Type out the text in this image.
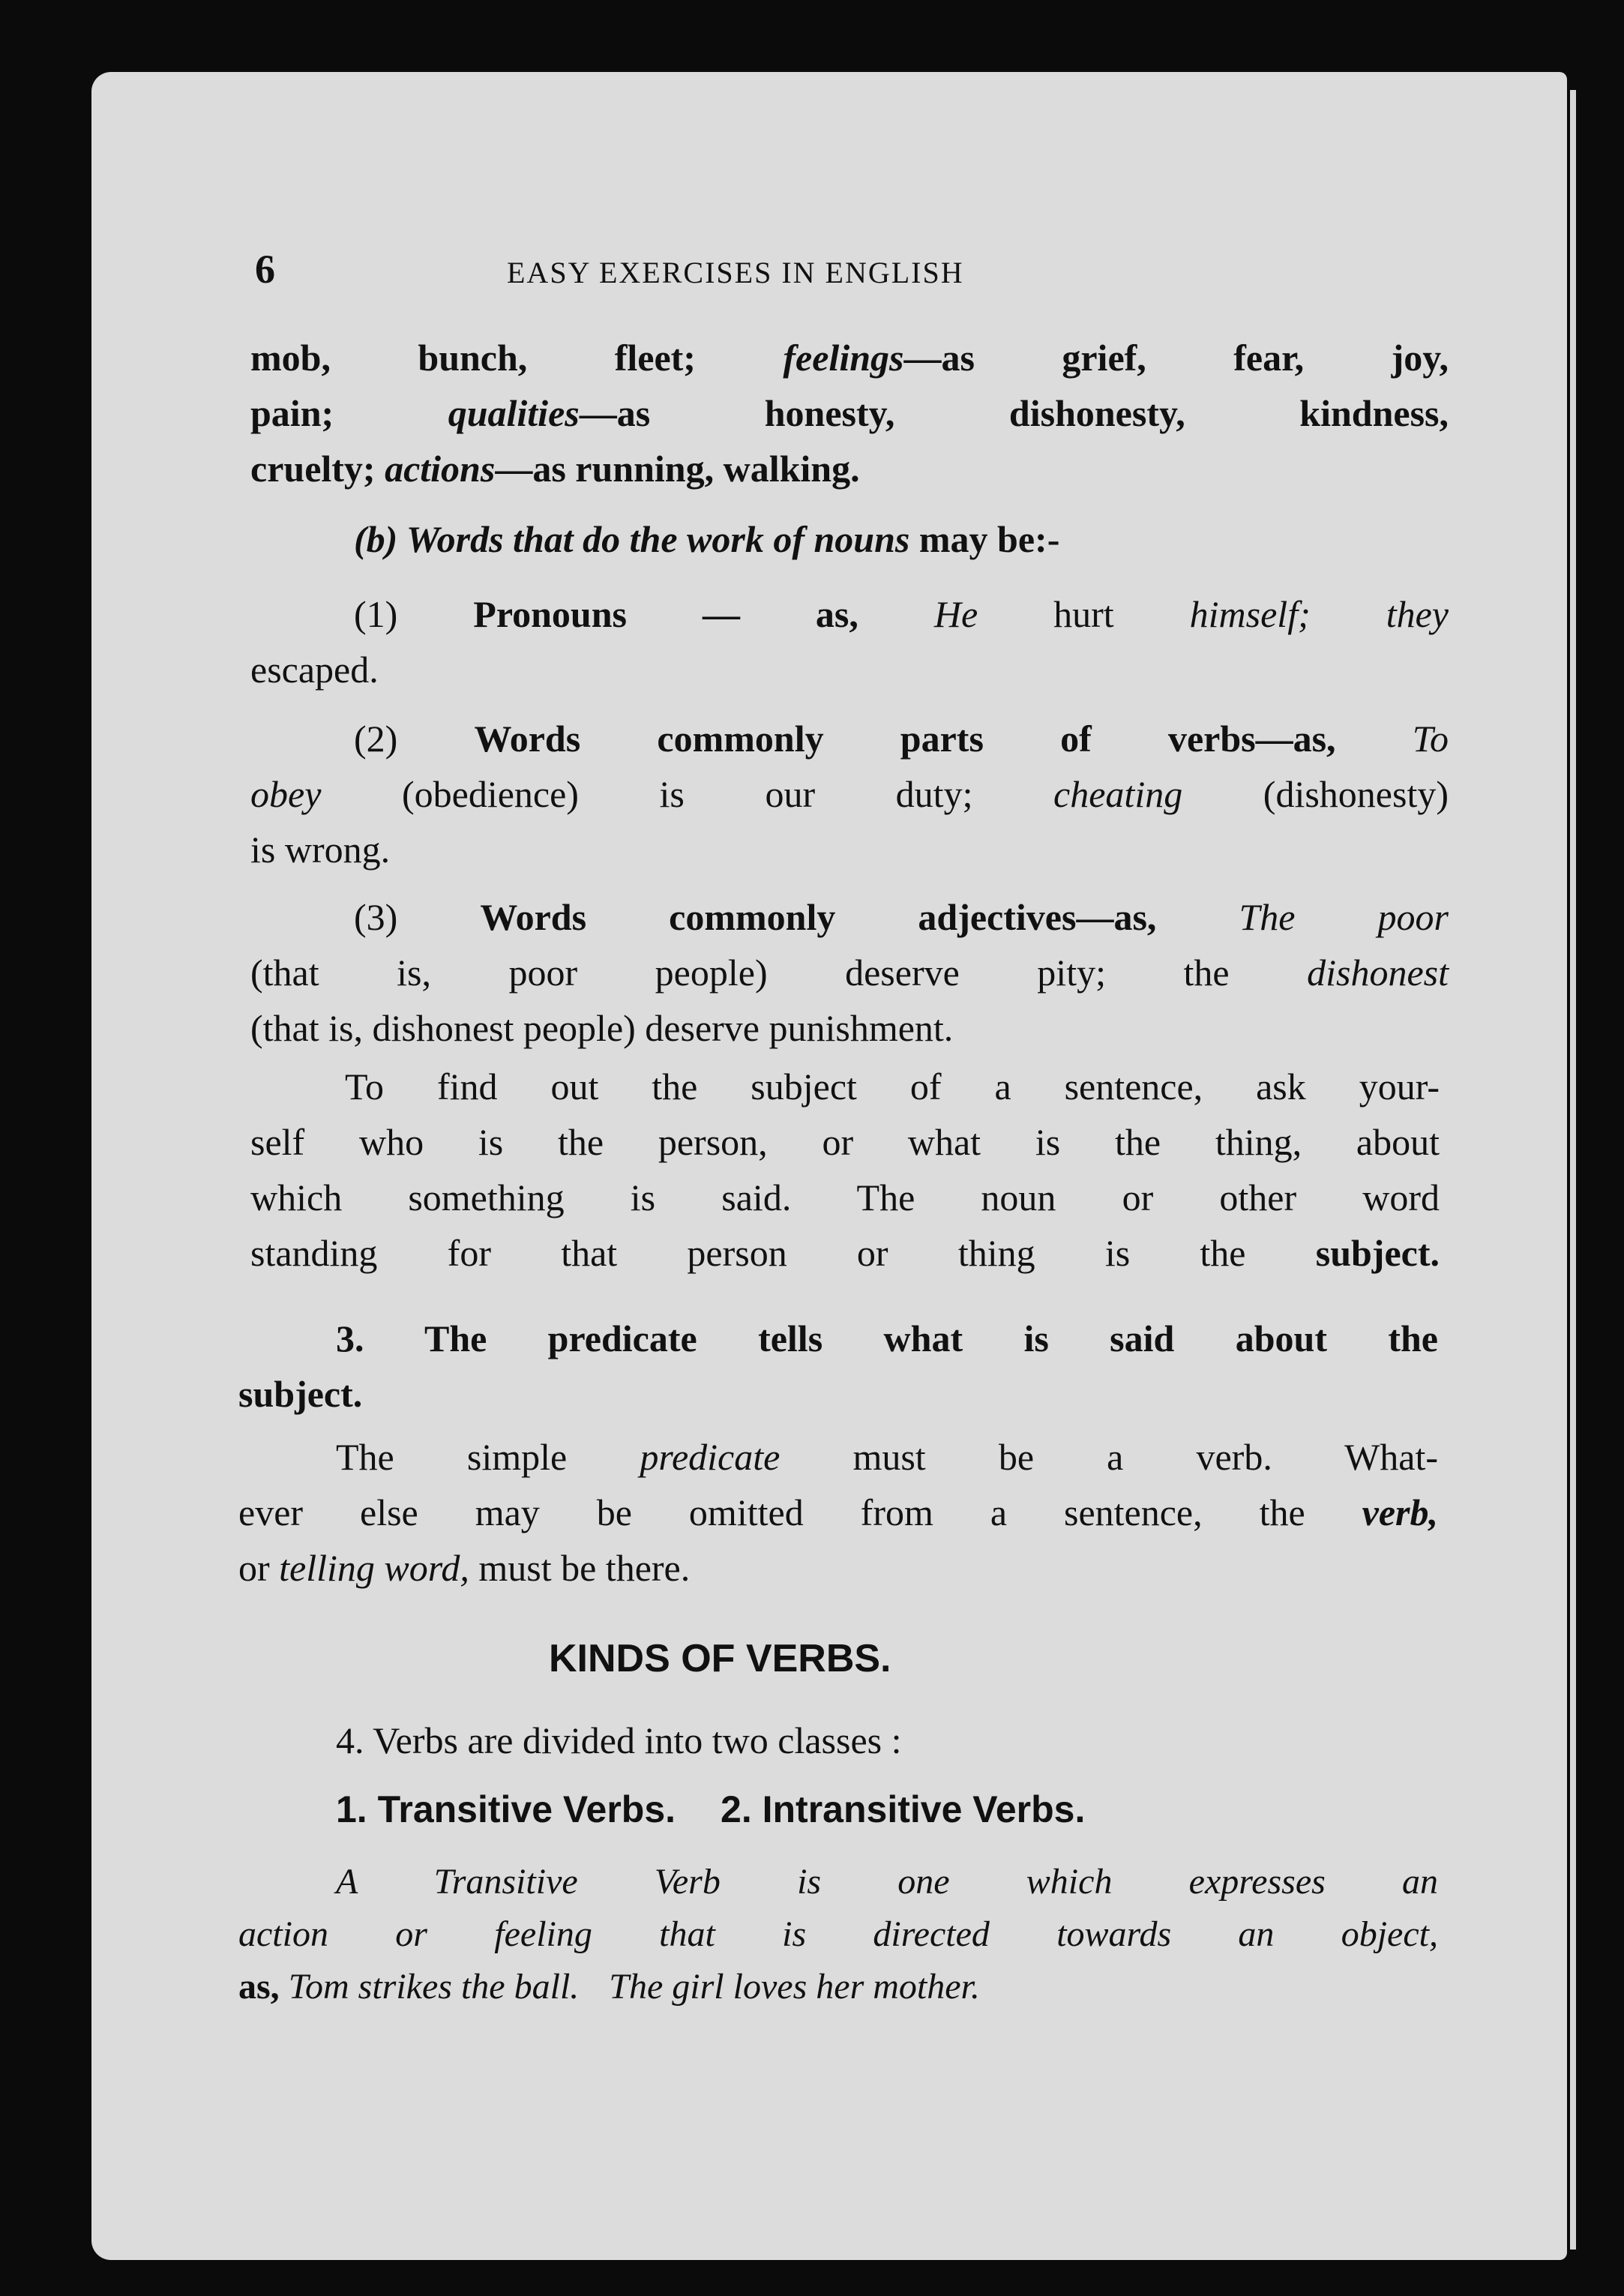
6	EASY EXERCISES IN ENGLISH
mob, bunch, fleet; feelings—as grief, fear, joy,
pain; qualities—as honesty, dishonesty, kindness,
cruelty; actions—as running, walking.
(b) Words that do the work of nouns may be:-
(1) Pronouns — as, He hurt himself; they
escaped.
(2) Words commonly parts of verbs—as, To
obey (obedience) is our duty; cheating (dishonesty)
is wrong.
(3) Words commonly adjectives—as, The poor
(that is, poor people) deserve pity; the dishonest
(that is, dishonest people) deserve punishment.
To find out the subject of a sentence, ask your-
self who is the person, or what is the thing, about
which something is said. The noun or other word
standing for that person or thing is the subject.
3. The predicate tells what is said about the
subject.
The simple predicate must be a verb. What-
ever else may be omitted from a sentence, the verb,
or telling word, must be there.
KINDS OF VERBS.
4. Verbs are divided into two classes :
1. Transitive Verbs. 2. Intransitive Verbs.
A Transitive Verb is one which expresses an
action or feeling that is directed towards an object,
as, Tom strikes the ball. The girl loves her mother.
